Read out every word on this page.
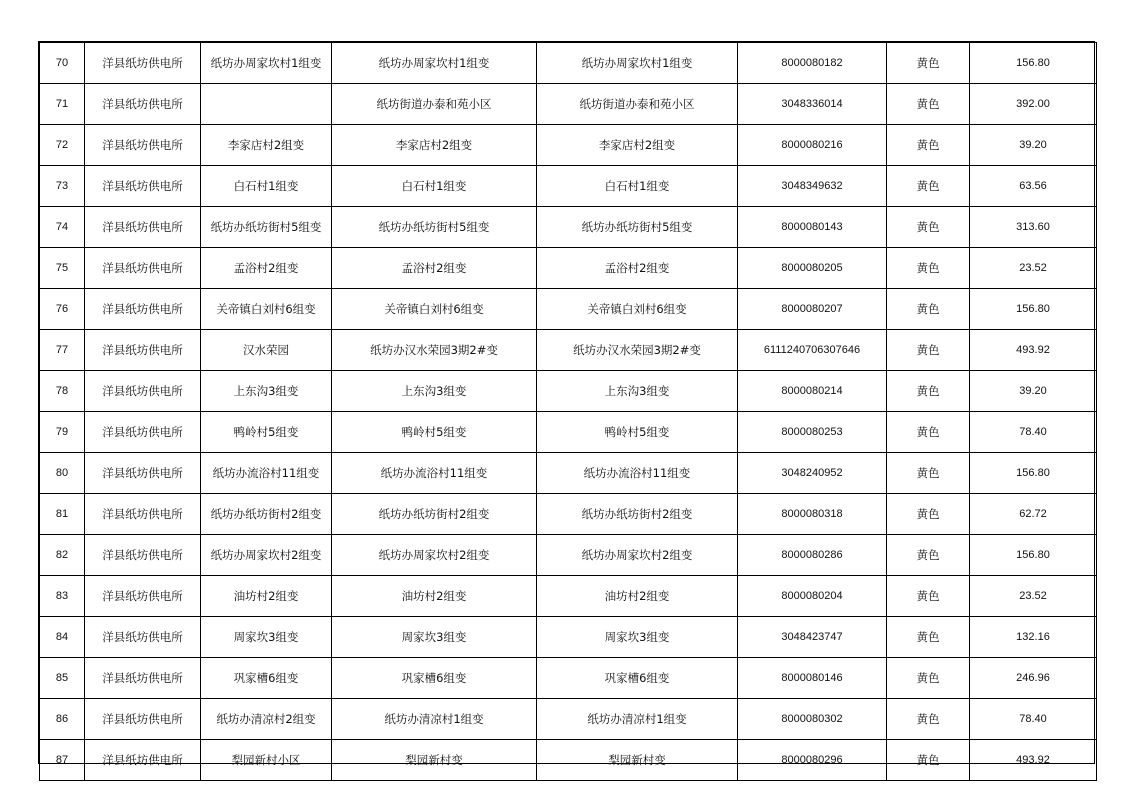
70	洋县纸坊供电所	纸坊办周家坎村1组变	纸坊办周家坎村1组变	纸坊办周家坎村1组变	8000080182	黄色	156.80
71	洋县纸坊供电所		纸坊街道办泰和苑小区	纸坊街道办泰和苑小区	3048336014	黄色	392.00
72	洋县纸坊供电所	李家店村2组变	李家店村2组变	李家店村2组变	8000080216	黄色	39.20
73	洋县纸坊供电所	白石村1组变	白石村1组变	白石村1组变	3048349632	黄色	63.56
74	洋县纸坊供电所	纸坊办纸坊街村5组变	纸坊办纸坊街村5组变	纸坊办纸坊街村5组变	8000080143	黄色	313.60
75	洋县纸坊供电所	孟浴村2组变	孟浴村2组变	孟浴村2组变	8000080205	黄色	23.52
76	洋县纸坊供电所	关帝镇白刘村6组变	关帝镇白刘村6组变	关帝镇白刘村6组变	8000080207	黄色	156.80
77	洋县纸坊供电所	汉水荣园	纸坊办汉水荣园3期2#变	纸坊办汉水荣园3期2#变	6111240706307646	黄色	493.92
78	洋县纸坊供电所	上东沟3组变	上东沟3组变	上东沟3组变	8000080214	黄色	39.20
79	洋县纸坊供电所	鸭岭村5组变	鸭岭村5组变	鸭岭村5组变	8000080253	黄色	78.40
80	洋县纸坊供电所	纸坊办流浴村11组变	纸坊办流浴村11组变	纸坊办流浴村11组变	3048240952	黄色	156.80
81	洋县纸坊供电所	纸坊办纸坊街村2组变	纸坊办纸坊街村2组变	纸坊办纸坊街村2组变	8000080318	黄色	62.72
82	洋县纸坊供电所	纸坊办周家坎村2组变	纸坊办周家坎村2组变	纸坊办周家坎村2组变	8000080286	黄色	156.80
83	洋县纸坊供电所	油坊村2组变	油坊村2组变	油坊村2组变	8000080204	黄色	23.52
84	洋县纸坊供电所	周家坎3组变	周家坎3组变	周家坎3组变	3048423747	黄色	132.16
85	洋县纸坊供电所	巩家槽6组变	巩家槽6组变	巩家槽6组变	8000080146	黄色	246.96
86	洋县纸坊供电所	纸坊办清凉村2组变	纸坊办清凉村1组变	纸坊办清凉村1组变	8000080302	黄色	78.40
87	洋县纸坊供电所	梨园新村小区	梨园新村变	梨园新村变	8000080296	黄色	493.92
